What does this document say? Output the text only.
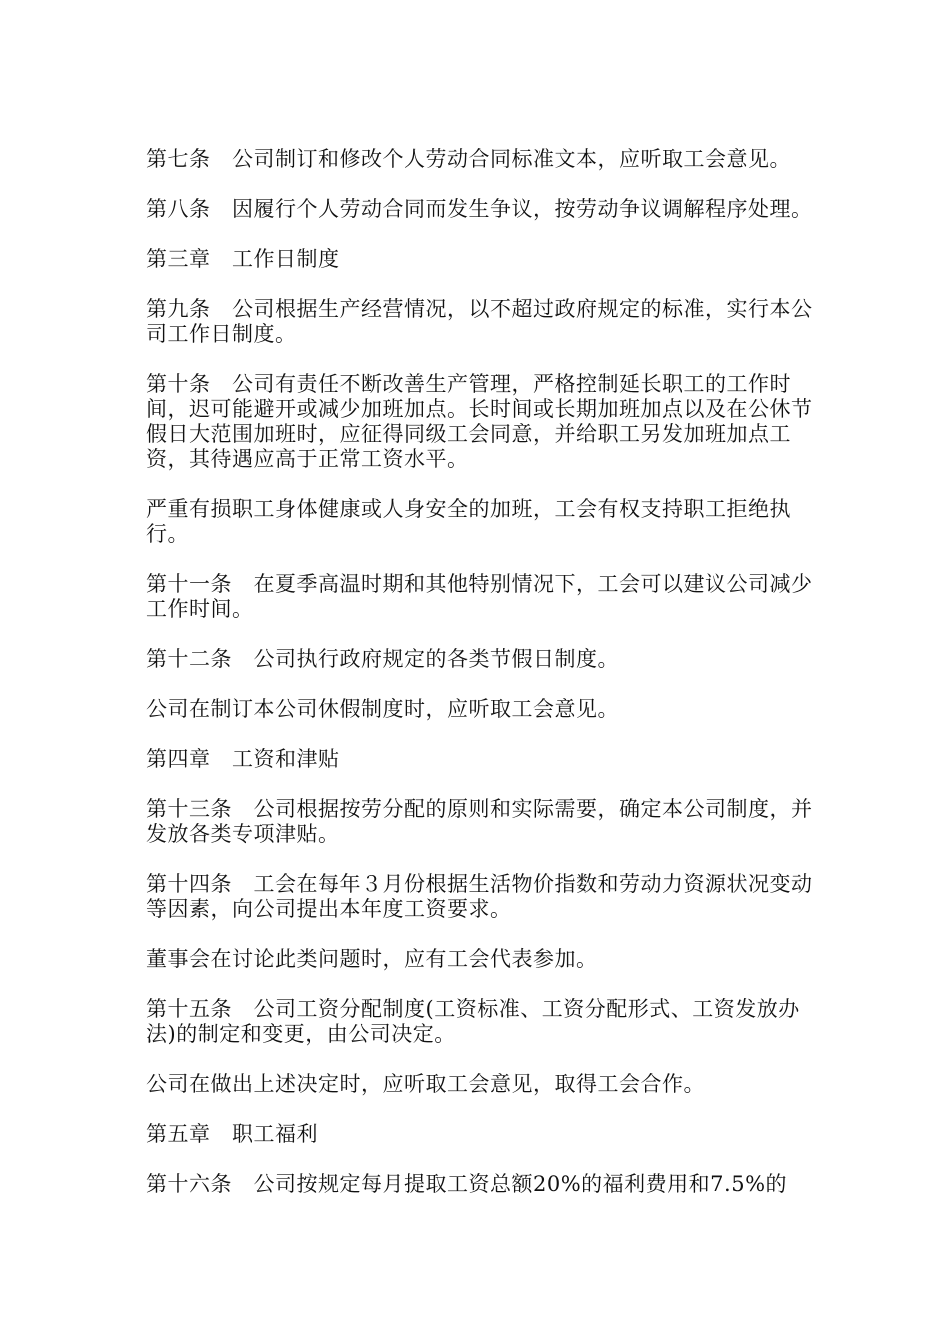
第七条　公司制订和修改个人劳动合同标准文本，应听取工会意见。

第八条　因履行个人劳动合同而发生争议，按劳动争议调解程序处理。

第三章　工作日制度

第九条　公司根据生产经营情况，以不超过政府规定的标准，实行本公司工作日制度。

第十条　公司有责任不断改善生产管理，严格控制延长职工的工作时间，迟可能避开或减少加班加点。长时间或长期加班加点以及在公休节假日大范围加班时，应征得同级工会同意，并给职工另发加班加点工资，其待遇应高于正常工资水平。

严重有损职工身体健康或人身安全的加班，工会有权支持职工拒绝执行。

第十一条　在夏季高温时期和其他特别情况下，工会可以建议公司减少工作时间。

第十二条　公司执行政府规定的各类节假日制度。

公司在制订本公司休假制度时，应听取工会意见。

第四章　工资和津贴

第十三条　公司根据按劳分配的原则和实际需要，确定本公司制度，并发放各类专项津贴。

第十四条　工会在每年３月份根据生活物价指数和劳动力资源状况变动等因素，向公司提出本年度工资要求。

董事会在讨论此类问题时，应有工会代表参加。

第十五条　公司工资分配制度(工资标准、工资分配形式、工资发放办法)的制定和变更，由公司决定。

公司在做出上述决定时，应听取工会意见，取得工会合作。

第五章　职工福利

第十六条　公司按规定每月提取工资总额20%的福利费用和7.5%的
